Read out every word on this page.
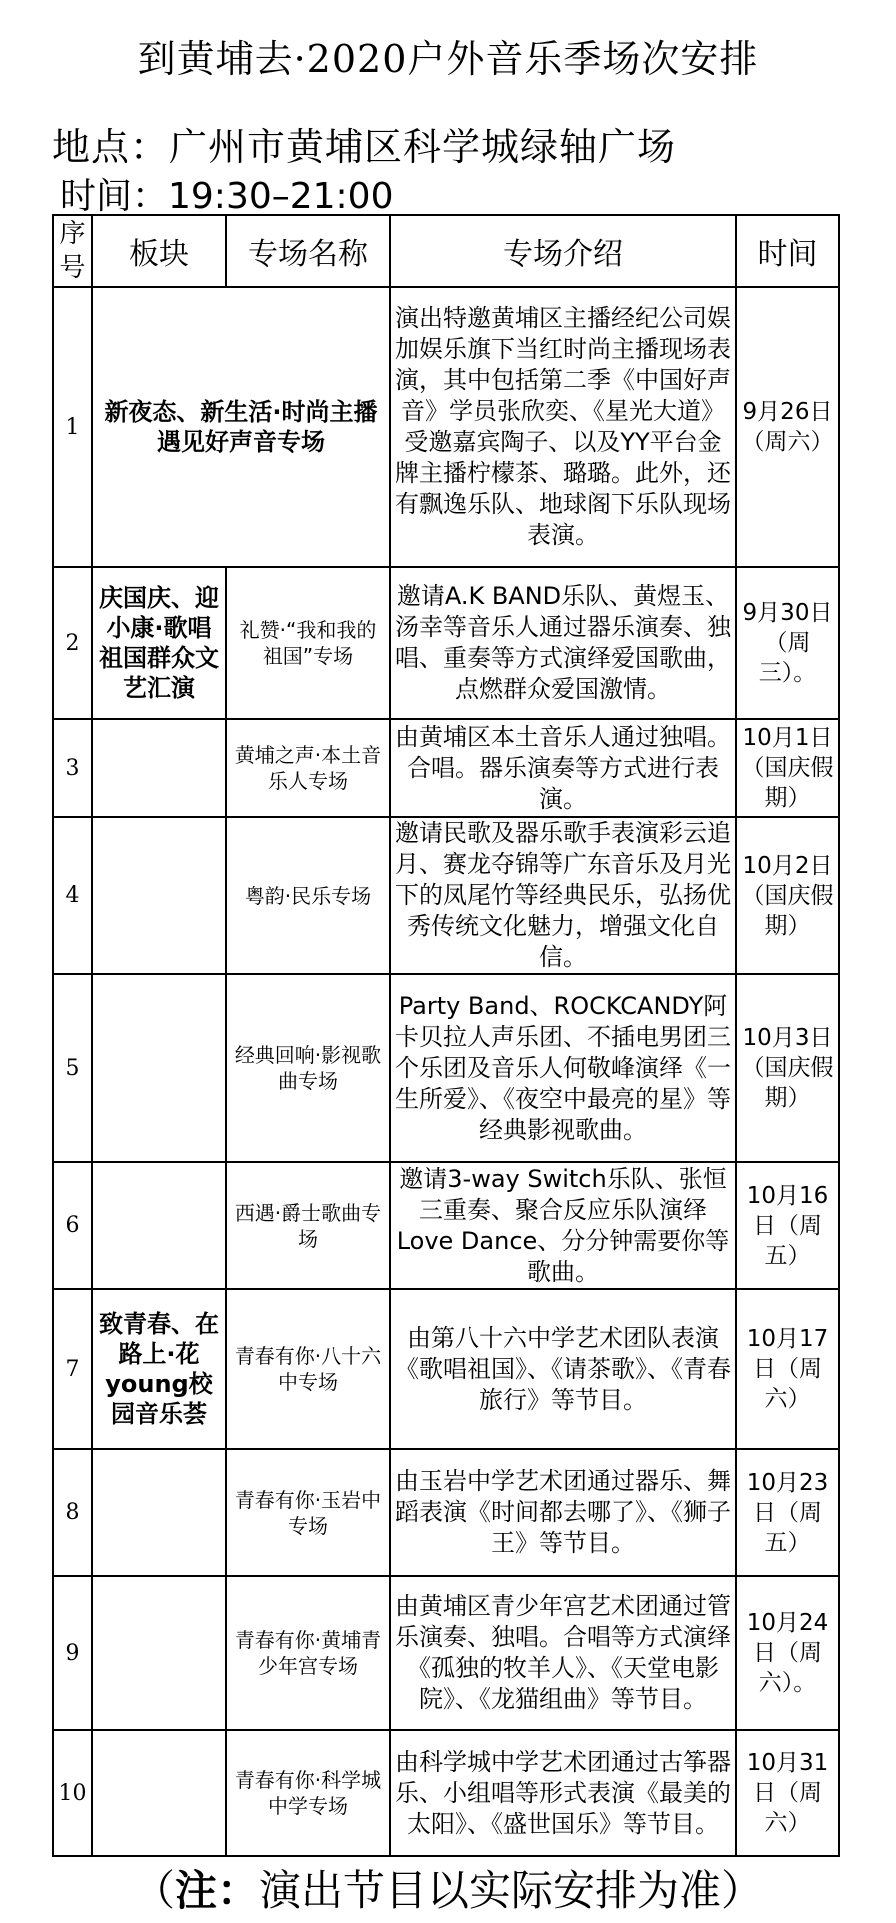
到黄埔去·2020户外音乐季场次安排
地点：广州市黄埔区科学城绿轴广场
时间：19:30–21:00
序号	板块	专场名称	专场介绍	时间
1	新夜态、新生活·时尚主播遇见好声音专场		演出特邀黄埔区主播经纪公司娱加娱乐旗下当红时尚主播现场表演，其中包括第二季《中国好声音》学员张欣奕、《星光大道》受邀嘉宾陶子、以及YY平台金牌主播柠檬茶、璐璐。此外，还有飘逸乐队、地球阁下乐队现场表演。	9月26日（周六）
2	庆国庆、迎小康·歌唱祖国群众文艺汇演	礼赞·“我和我的祖国”专场	邀请A.K BAND乐队、黄煜玉、汤幸等音乐人通过器乐演奏、独唱、重奏等方式演绎爱国歌曲，点燃群众爱国激情。	9月30日（周三）。
3		黄埔之声·本土音乐人专场	由黄埔区本土音乐人通过独唱。合唱。器乐演奏等方式进行表演。	10月1日（国庆假期）
4		粤韵·民乐专场	邀请民歌及器乐歌手表演彩云追月、赛龙夺锦等广东音乐及月光下的凤尾竹等经典民乐，弘扬优秀传统文化魅力，增强文化自信。	10月2日（国庆假期）
5		经典回响·影视歌曲专场	Party Band、ROCKCANDY阿卡贝拉人声乐团、不插电男团三个乐团及音乐人何敬峰演绎《一生所爱》、《夜空中最亮的星》等经典影视歌曲。	10月3日（国庆假期）
6		西遇·爵士歌曲专场	邀请3-way Switch乐队、张恒三重奏、聚合反应乐队演绎Love Dance、分分钟需要你等歌曲。	10月16日（周五）
7	致青春、在路上·花young校园音乐荟	青春有你·八十六中专场	由第八十六中学艺术团队表演《歌唱祖国》、《请茶歌》、《青春旅行》等节目。	10月17日（周六）
8		青春有你·玉岩中专场	由玉岩中学艺术团通过器乐、舞蹈表演《时间都去哪了》、《狮子王》等节目。	10月23日（周五）
9		青春有你·黄埔青少年宫专场	由黄埔区青少年宫艺术团通过管乐演奏、独唱。合唱等方式演绎《孤独的牧羊人》、《天堂电影院》、《龙猫组曲》等节目。	10月24日（周六）。
10		青春有你·科学城中学专场	由科学城中学艺术团通过古筝器乐、小组唱等形式表演《最美的太阳》、《盛世国乐》等节目。	10月31日（周六）
（注：演出节目以实际安排为准）
